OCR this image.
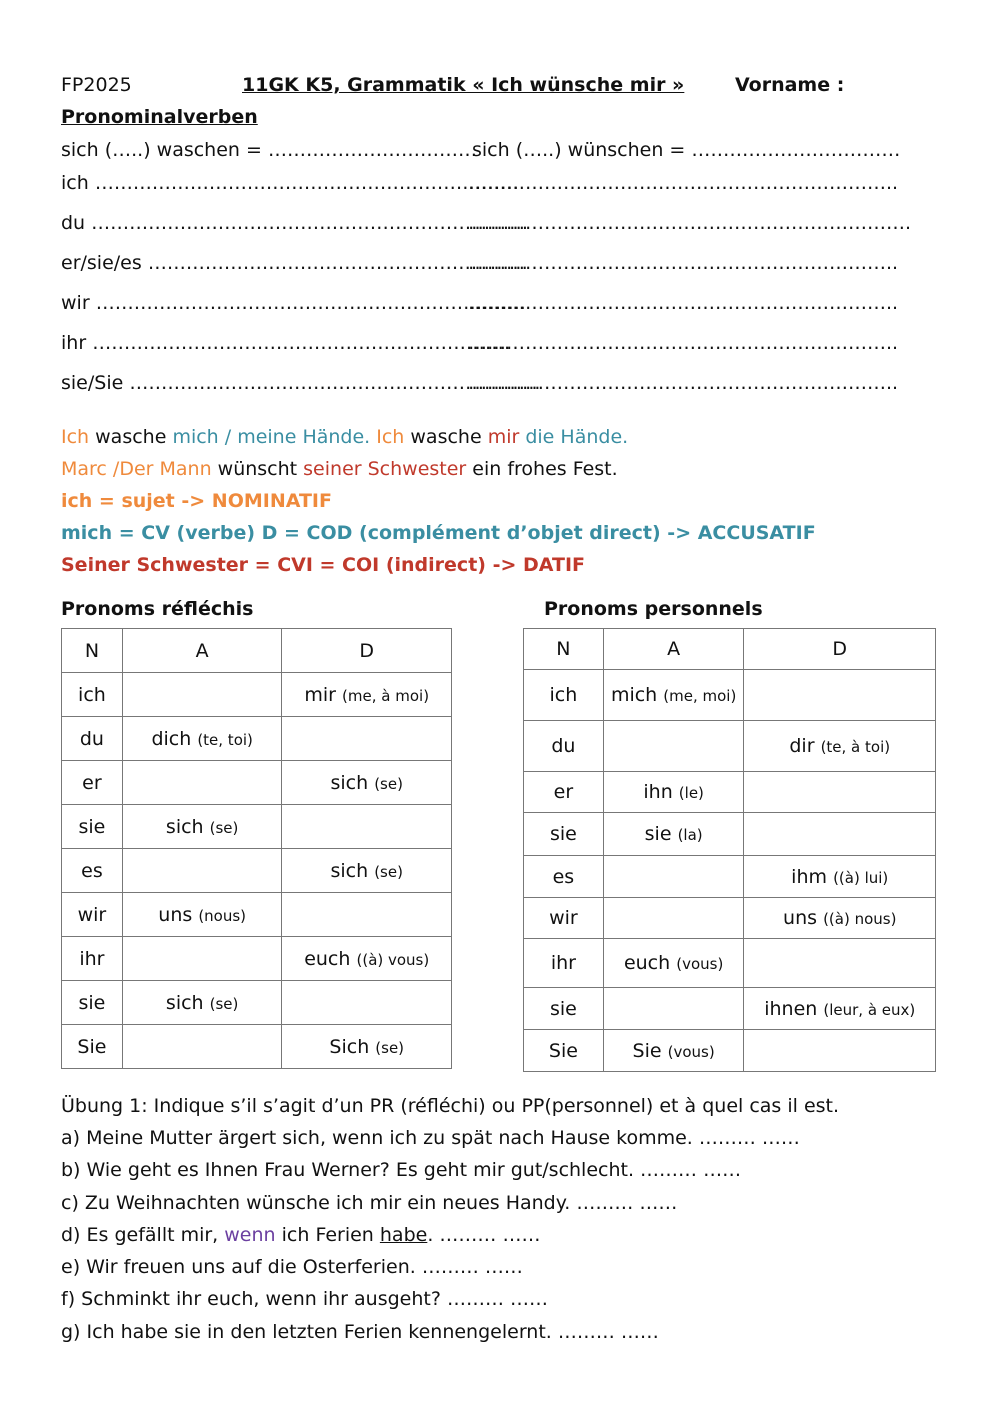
FP2025	11GK K5, Grammatik « Ich wünsche mir »	Vorname :
Pronominalverben
sich (…..) waschen = ……………………………
sich (…..) wünschen = ……………………………
ich ………………………………………………………….
…………………………………………………………..
du ……………………………………………………………
…………………………………………………………….
er/sie/es ……………………………………………………
…………………………………………………………..
wir …………………………………………………………..
…………………………………………………………..
ihr …………………………………………………………
…………………………………………………………..
sie/Sie ………………………………………………………..
…………………………………………………………..
Ich wasche mich / meine Hände. Ich wasche mir die Hände.
Marc /Der Mann wünscht seiner Schwester ein frohes Fest.
ich = sujet -> NOMINATIF
mich = CV (verbe) D = COD (complément d’objet direct) -> ACCUSATIF
Seiner Schwester = CVI = COI (indirect) -> DATIF
Pronoms réfléchis	Pronoms personnels
N	A	D
ich		mir (me, à moi)
du	dich (te, toi)	
er		sich (se)
sie	sich (se)	
es		sich (se)
wir	uns (nous)	
ihr		euch ((à) vous)
sie	sich (se)	
Sie		Sich (se)
N	A	D
ich	mich (me, moi)	
du		dir (te, à toi)
er	ihn (le)	
sie	sie (la)	
es		ihm ((à) lui)
wir		uns ((à) nous)
ihr	euch (vous)	
sie		ihnen (leur, à eux)
Sie	Sie (vous)	
Übung 1: Indique s’il s’agit d’un PR (réfléchi) ou PP(personnel) et à quel cas il est.
a) Meine Mutter ärgert sich, wenn ich zu spät nach Hause komme. ……… ……
b) Wie geht es Ihnen Frau Werner? Es geht mir gut/schlecht. ……… ……
c) Zu Weihnachten wünsche ich mir ein neues Handy. ……… ……
d) Es gefällt mir, wenn ich Ferien habe. ……… ……
e) Wir freuen uns auf die Osterferien. ……… ……
f) Schminkt ihr euch, wenn ihr ausgeht? ……… ……
g) Ich habe sie in den letzten Ferien kennengelernt. ……… ……
